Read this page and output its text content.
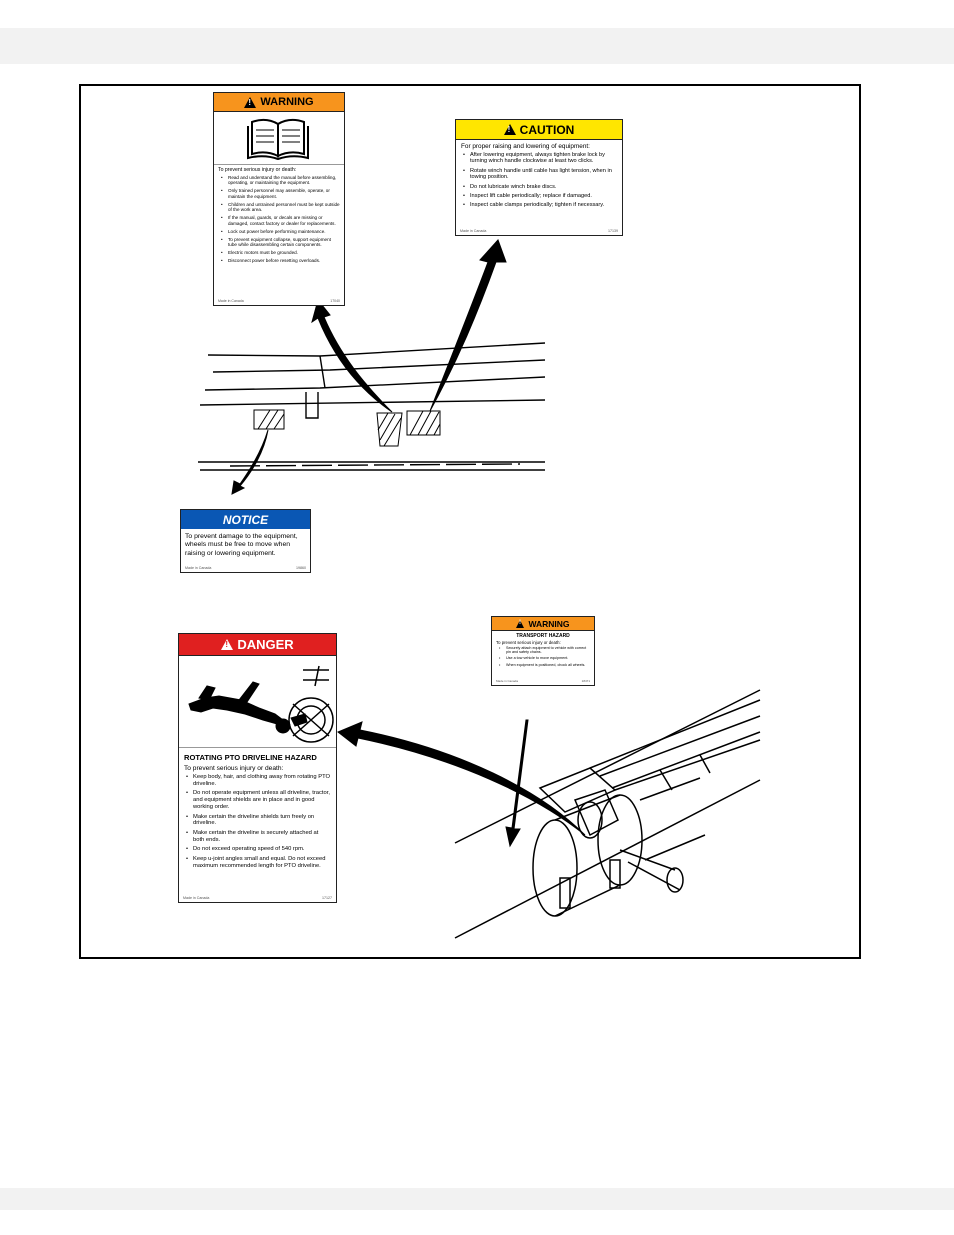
!
WARNING
To prevent serious injury or death:
• Read and understand the manual before assembling, operating, or maintaining the equipment.
• Only trained personnel may assemble, operate, or maintain the equipment.
• Children and untrained personnel must be kept outside of the work area.
• If the manual, guards, or decals are missing or damaged, contact factory or dealer for replacements.
• Lock out power before performing maintenance.
• To prevent equipment collapse, support equipment tube while disassembling certain components.
• Electric motors must be grounded.
• Disconnect power before resetting overloads.
Made in Canada	17040
!
CAUTION
For proper raising and lowering of equipment:
• After lowering equipment, always tighten brake lock by turning winch handle clockwise at least two clicks.
• Rotate winch handle until cable has light tension, when in towing position.
• Do not lubricate winch brake discs.
• Inspect lift cable periodically; replace if damaged.
• Inspect cable clamps periodically; tighten if necessary.
Made in Canada	17139
NOTICE
To prevent damage to the equipment, wheels must be free to move when raising or lowering equipment.
Made in Canada	19860
!
WARNING
TRANSPORT HAZARD
To prevent serious injury or death:
• Securely attach equipment to vehicle with correct pin and safety chains.
• Use a tow vehicle to move equipment.
• When equipment is positioned, chock all wheels.
Made in Canada	18471
!
DANGER
ROTATING PTO DRIVELINE HAZARD
To prevent serious injury or death:
• Keep body, hair, and clothing away from rotating PTO driveline.
• Do not operate equipment unless all driveline, tractor, and equipment shields are in place and in good working order.
• Make certain the driveline shields turn freely on driveline.
• Make certain the driveline is securely attached at both ends.
• Do not exceed operating speed of 540 rpm.
• Keep u-joint angles small and equal. Do not exceed maximum recommended length for PTO driveline.
Made in Canada	17127
